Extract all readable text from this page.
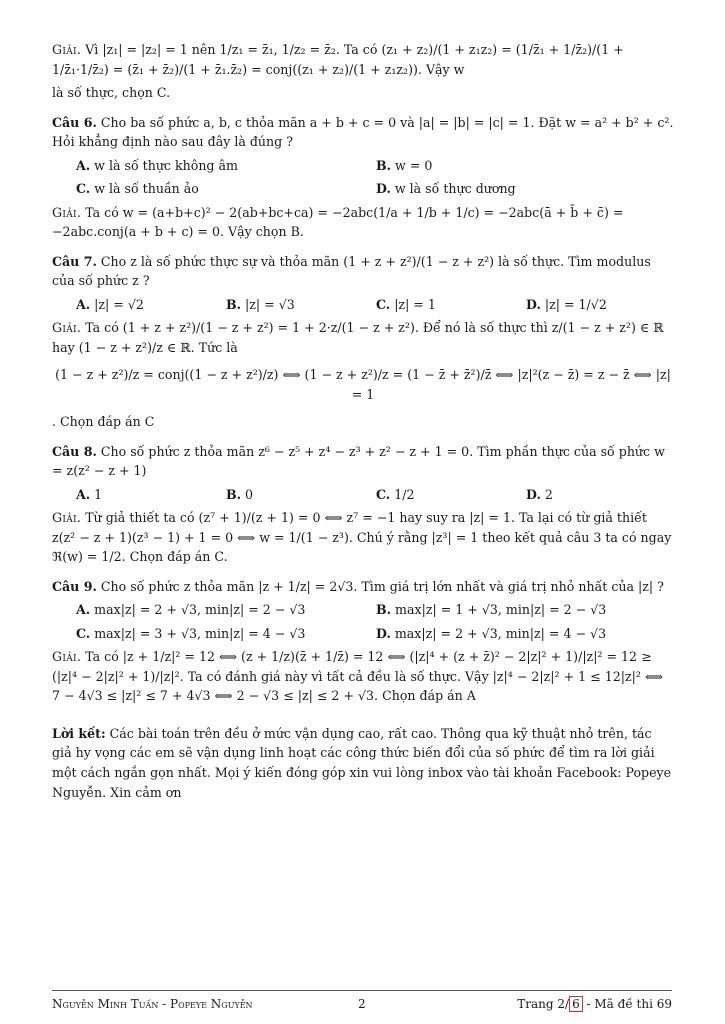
Giải. Vì |z₁| = |z₂| = 1 nên 1/z₁ = z̄₁, 1/z₂ = z̄₂. Ta có (z₁ + z₂)/(1 + z₁z₂) = (1/z̄₁ + 1/z̄₂)/(1 + 1/z̄₁·1/z̄₂) = (z̄₁ + z̄₂)/(1 + z̄₁.z̄₂) = conj((z₁ + z₂)/(1 + z₁z₂)). Vậy w
là số thực, chọn C.
Câu 6. Cho ba số phức a, b, c thỏa mãn a + b + c = 0 và |a| = |b| = |c| = 1. Đặt w = a² + b² + c². Hỏi khẳng định nào sau đây là đúng ?
A. w là số thực không âm	B. w = 0
C. w là số thuần ảo	D. w là số thực dương
Giải. Ta có w = (a+b+c)² − 2(ab+bc+ca) = −2abc(1/a + 1/b + 1/c) = −2abc(ā + b̄ + c̄) = −2abc.conj(a + b + c) = 0. Vậy chọn B.
Câu 7. Cho z là số phức thực sự và thỏa mãn (1 + z + z²)/(1 − z + z²) là số thực. Tìm modulus của số phức z ?
A. |z| = √2	B. |z| = √3	C. |z| = 1	D. |z| = 1/√2
Giải. Ta có (1 + z + z²)/(1 − z + z²) = 1 + 2·z/(1 − z + z²). Để nó là số thực thì z/(1 − z + z²) ∈ ℝ hay (1 − z + z²)/z ∈ ℝ. Tức là
(1 − z + z²)/z = conj((1 − z + z²)/z) ⟺ (1 − z + z²)/z = (1 − z̄ + z̄²)/z̄ ⟺ |z|²(z − z̄) = z − z̄ ⟺ |z| = 1
. Chọn đáp án C
Câu 8. Cho số phức z thỏa mãn z⁶ − z⁵ + z⁴ − z³ + z² − z + 1 = 0. Tìm phần thực của số phức w = z(z² − z + 1)
A. 1	B. 0	C. 1/2	D. 2
Giải. Từ giả thiết ta có (z⁷ + 1)/(z + 1) = 0 ⟺ z⁷ = −1 hay suy ra |z| = 1. Ta lại có từ giả thiết z(z² − z + 1)(z³ − 1) + 1 = 0 ⟺ w = 1/(1 − z³). Chú ý rằng |z³| = 1 theo kết quả câu 3 ta có ngay ℜ(w) = 1/2. Chọn đáp án C.
Câu 9. Cho số phức z thỏa mãn |z + 1/z| = 2√3. Tìm giá trị lớn nhất và giá trị nhỏ nhất của |z| ?
A. max|z| = 2 + √3, min|z| = 2 − √3	B. max|z| = 1 + √3, min|z| = 2 − √3
C. max|z| = 3 + √3, min|z| = 4 − √3	D. max|z| = 2 + √3, min|z| = 4 − √3
Giải. Ta có |z + 1/z|² = 12 ⟺ (z + 1/z)(z̄ + 1/z̄) = 12 ⟺ (|z|⁴ + (z + z̄)² − 2|z|² + 1)/|z|² = 12 ≥ (|z|⁴ − 2|z|² + 1)/|z|². Ta có đánh giá này vì tất cả đều là số thực. Vậy |z|⁴ − 2|z|² + 1 ≤ 12|z|² ⟺ 7 − 4√3 ≤ |z|² ≤ 7 + 4√3 ⟺ 2 − √3 ≤ |z| ≤ 2 + √3. Chọn đáp án A
Lời kết: Các bài toán trên đều ở mức vận dụng cao, rất cao. Thông qua kỹ thuật nhỏ trên, tác giả hy vọng các em sẽ vận dụng linh hoạt các công thức biến đổi của số phức để tìm ra lời giải một cách ngắn gọn nhất. Mọi ý kiến đóng góp xin vui lòng inbox vào tài khoản Facebook: Popeye Nguyễn. Xin cảm ơn
Nguyễn Minh Tuấn - Popeye Nguyễn	2	Trang 2/ 6 - Mã đề thi 69
